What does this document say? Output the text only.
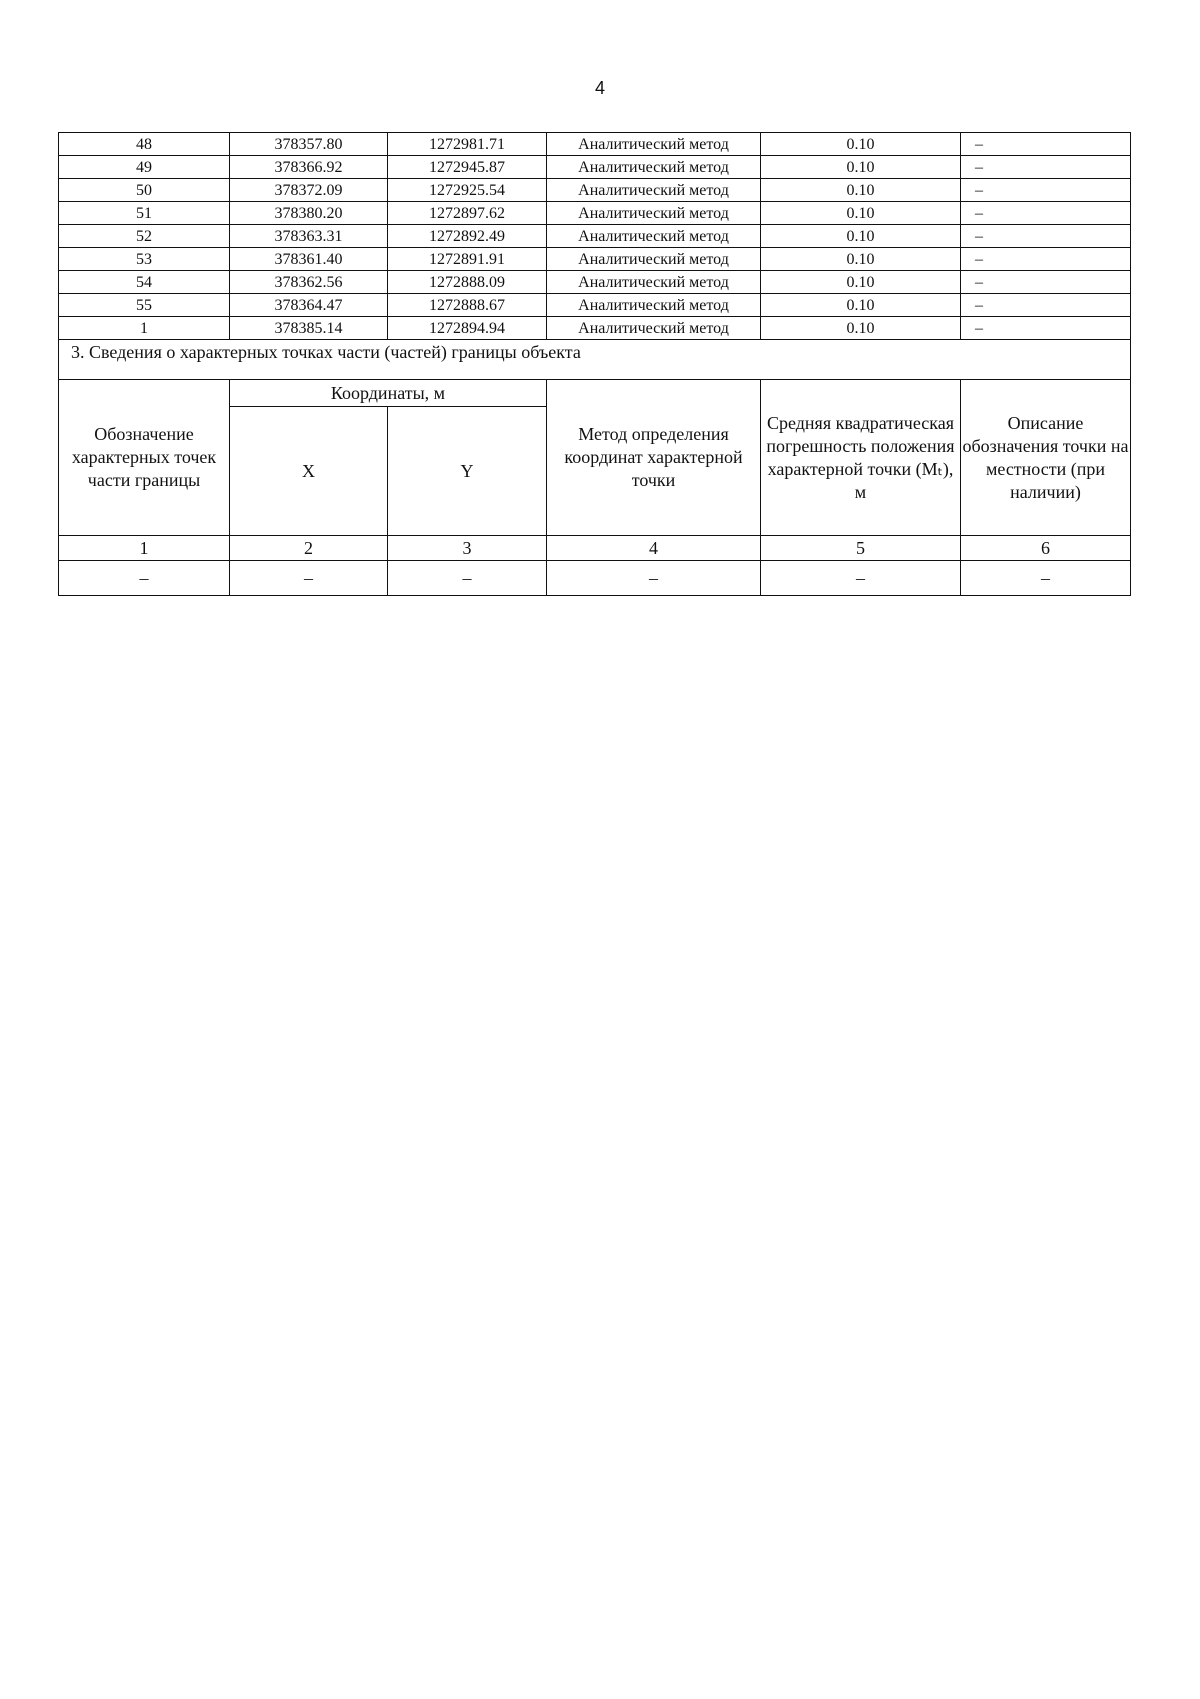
4
48	378357.80	1272981.71	Аналитический метод	0.10	–
49	378366.92	1272945.87	Аналитический метод	0.10	–
50	378372.09	1272925.54	Аналитический метод	0.10	–
51	378380.20	1272897.62	Аналитический метод	0.10	–
52	378363.31	1272892.49	Аналитический метод	0.10	–
53	378361.40	1272891.91	Аналитический метод	0.10	–
54	378362.56	1272888.09	Аналитический метод	0.10	–
55	378364.47	1272888.67	Аналитический метод	0.10	–
1	378385.14	1272894.94	Аналитический метод	0.10	–
3. Сведения о характерных точках части (частей) границы объекта					
Обозначение характерных точек части границы	Координаты, м		Метод определения координат характерной точки	Средняя квадратическая погрешность положения характерной точки (Mₜ), м	Описание обозначения точки на местности (при наличии)
	X	Y			
1	2	3	4	5	6
–	–	–	–	–	–
